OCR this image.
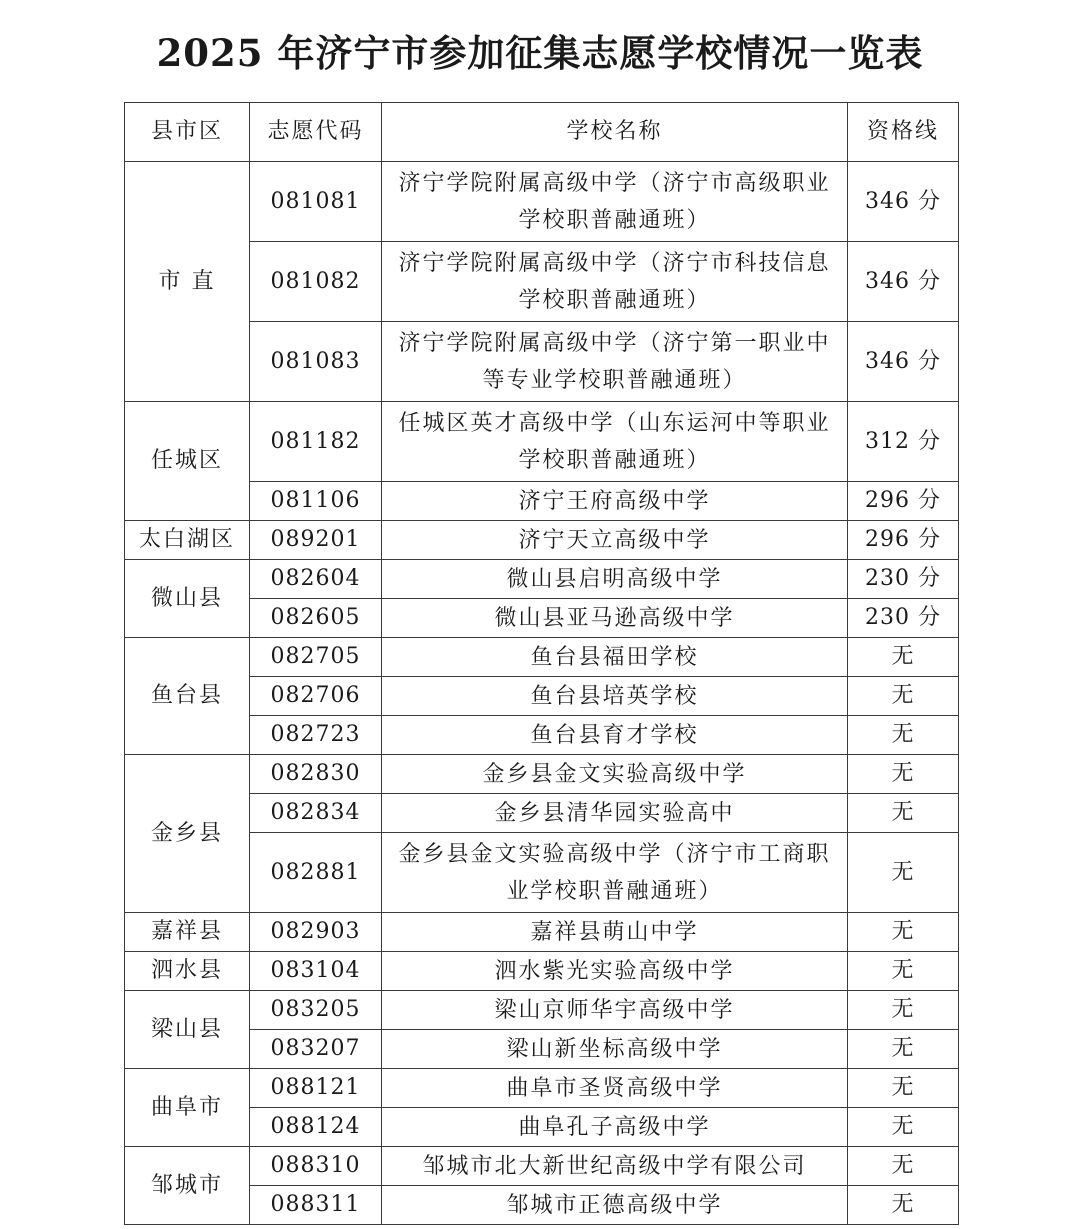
2025 年济宁市参加征集志愿学校情况一览表
县市区	志愿代码	学校名称	资格线
市 直	081081	济宁学院附属高级中学（济宁市高级职业学校职普融通班）	346 分
	081082	济宁学院附属高级中学（济宁市科技信息学校职普融通班）	346 分
	081083	济宁学院附属高级中学（济宁第一职业中等专业学校职普融通班）	346 分
任城区	081182	任城区英才高级中学（山东运河中等职业学校职普融通班）	312 分
	081106	济宁王府高级中学	296 分
太白湖区	089201	济宁天立高级中学	296 分
微山县	082604	微山县启明高级中学	230 分
	082605	微山县亚马逊高级中学	230 分
鱼台县	082705	鱼台县福田学校	无
	082706	鱼台县培英学校	无
	082723	鱼台县育才学校	无
金乡县	082830	金乡县金文实验高级中学	无
	082834	金乡县清华园实验高中	无
	082881	金乡县金文实验高级中学（济宁市工商职业学校职普融通班）	无
嘉祥县	082903	嘉祥县萌山中学	无
泗水县	083104	泗水紫光实验高级中学	无
梁山县	083205	梁山京师华宇高级中学	无
	083207	梁山新坐标高级中学	无
曲阜市	088121	曲阜市圣贤高级中学	无
	088124	曲阜孔子高级中学	无
邹城市	088310	邹城市北大新世纪高级中学有限公司	无
	088311	邹城市正德高级中学	无
